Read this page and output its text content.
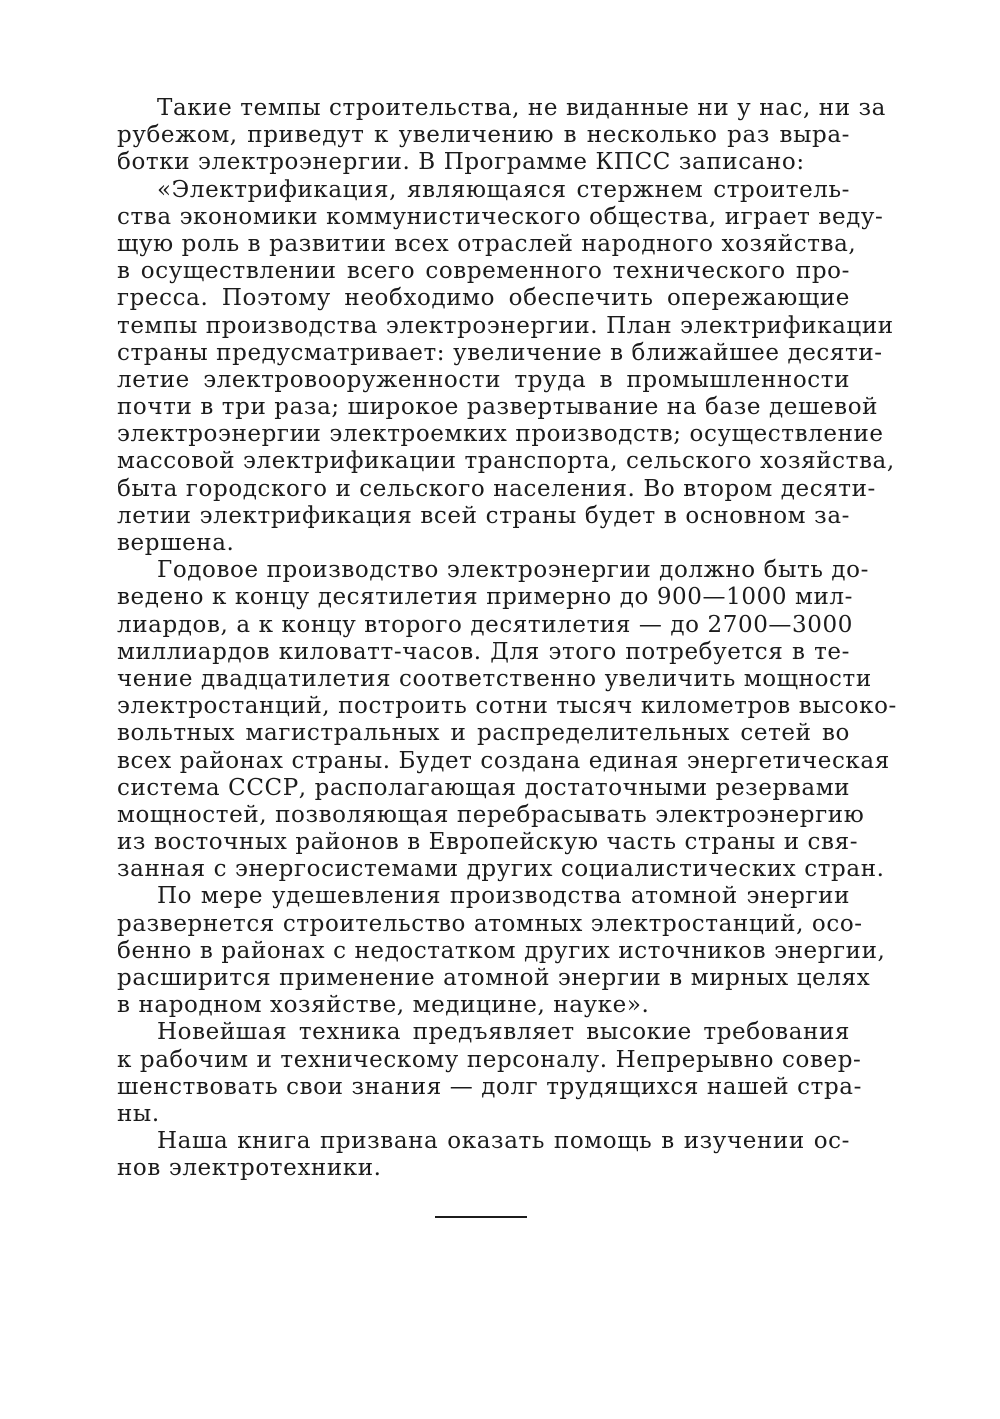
Такие темпы строительства, не виданные ни у нас, ни за
рубежом, приведут к увеличению в несколько раз выра-
ботки электроэнергии. В Программе КПСС записано:
«Электрификация, являющаяся стержнем строитель-
ства экономики коммунистического общества, играет веду-
щую роль в развитии всех отраслей народного хозяйства,
в осуществлении всего современного технического про-
гресса. Поэтому необходимо обеспечить опережающие
темпы производства электроэнергии. План электрификации
страны предусматривает: увеличение в ближайшее десяти-
летие электровооруженности труда в промышленности
почти в три раза; широкое развертывание на базе дешевой
электроэнергии электроемких производств; осуществление
массовой электрификации транспорта, сельского хозяйства,
быта городского и сельского населения. Во втором десяти-
летии электрификация всей страны будет в основном за-
вершена.
Годовое производство электроэнергии должно быть до-
ведено к концу десятилетия примерно до 900—1000 мил-
лиардов, а к концу второго десятилетия — до 2700—3000
миллиардов киловатт-часов. Для этого потребуется в те-
чение двадцатилетия соответственно увеличить мощности
электростанций, построить сотни тысяч километров высоко-
вольтных магистральных и распределительных сетей во
всех районах страны. Будет создана единая энергетическая
система СССР, располагающая достаточными резервами
мощностей, позволяющая перебрасывать электроэнергию
из восточных районов в Европейскую часть страны и свя-
занная с энергосистемами других социалистических стран.
По мере удешевления производства атомной энергии
развернется строительство атомных электростанций, осо-
бенно в районах с недостатком других источников энергии,
расширится применение атомной энергии в мирных целях
в народном хозяйстве, медицине, науке».
Новейшая техника предъявляет высокие требования
к рабочим и техническому персоналу. Непрерывно совер-
шенствовать свои знания — долг трудящихся нашей стра-
ны.
Наша книга призвана оказать помощь в изучении ос-
нов электротехники.
